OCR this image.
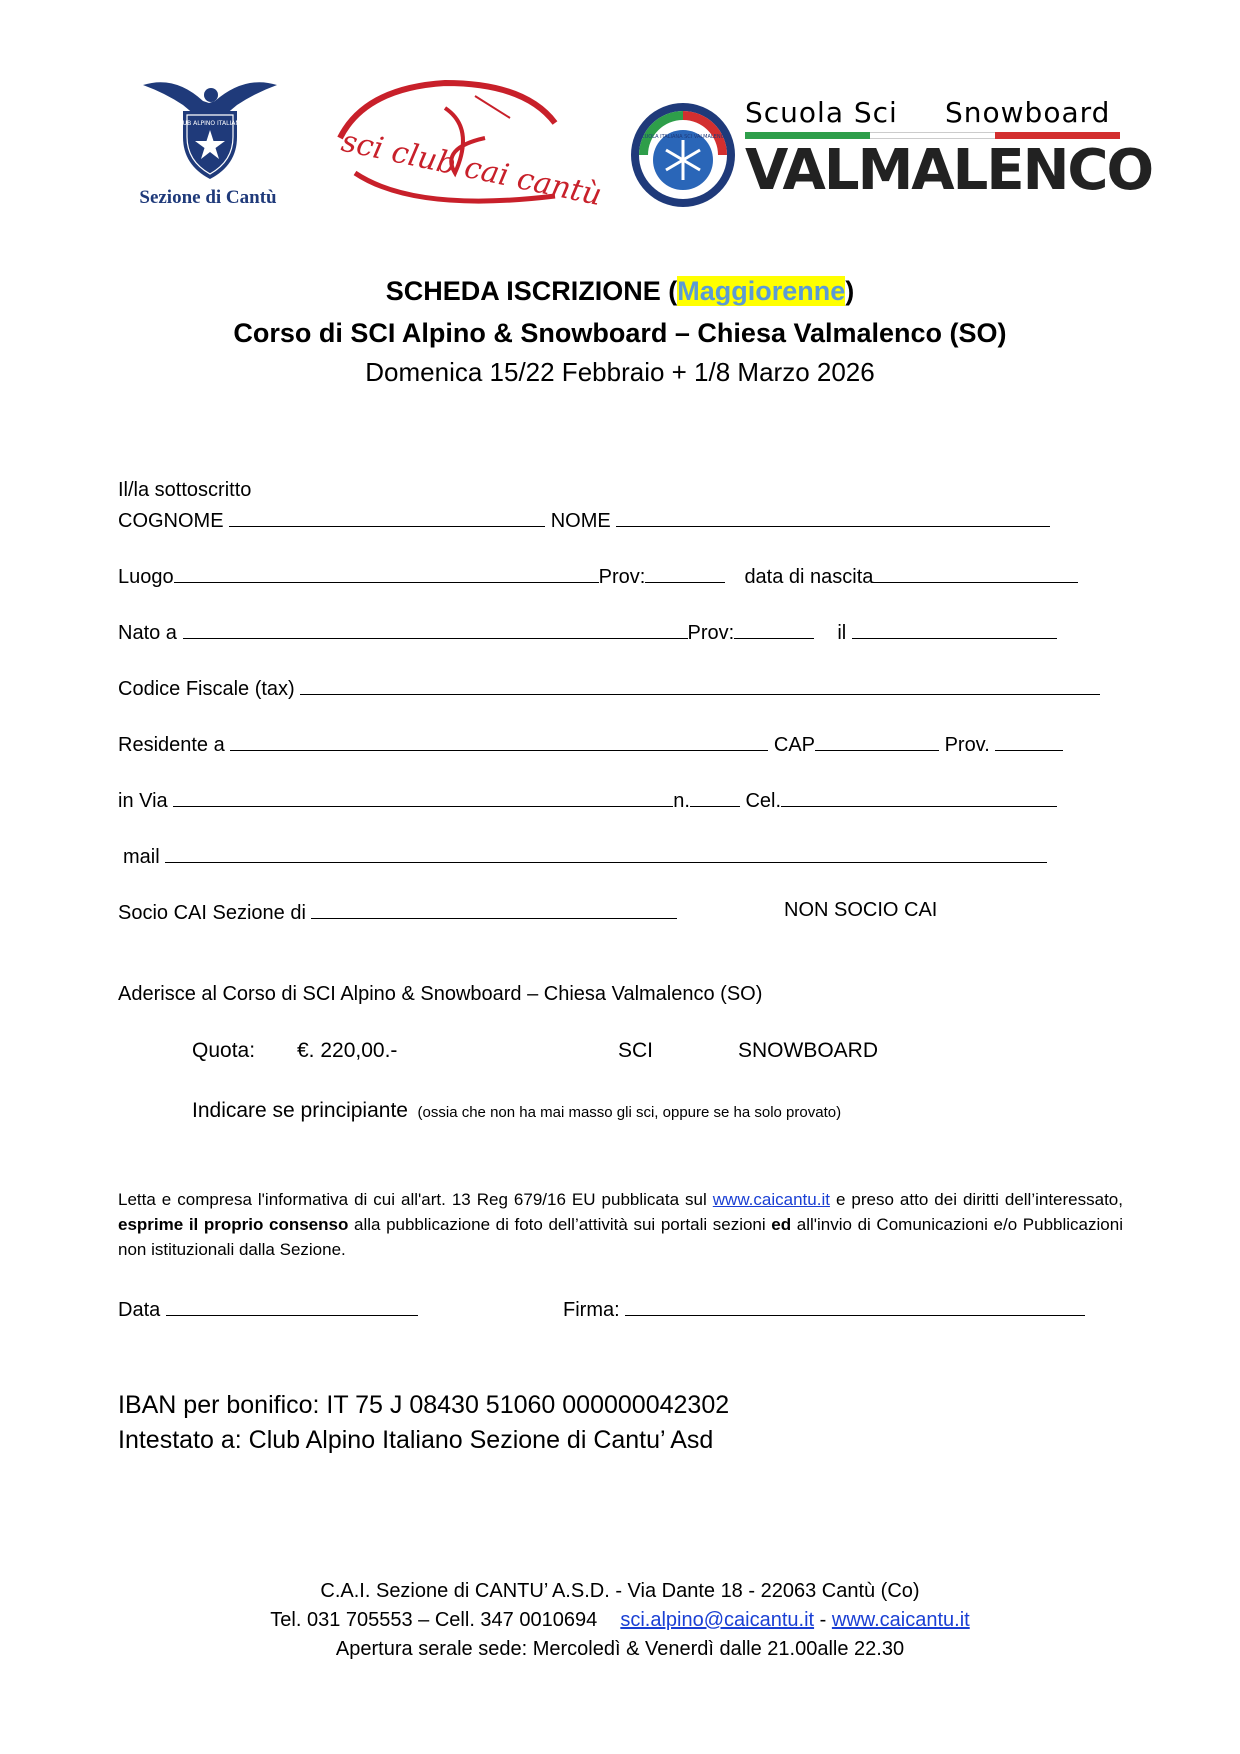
CLUB ALPINO ITALIANO
Sezione di Cantù	sci club cai cantù	SCUOLA ITALIANA SCI VALMALENCO
Scuola Sci Snowboard
VALMALENCO
SCHEDA ISCRIZIONE (Maggiorenne)
Corso di SCI Alpino & Snowboard – Chiesa Valmalenco (SO)
Domenica 15/22 Febbraio + 1/8 Marzo 2026
Il/la sottoscritto
COGNOME	NOME
Luogo	Prov:	data di nascita
Nato a	Prov:	il
Codice Fiscale (tax)
Residente a	CAP	Prov.
in Via	n.	Cel.
mail
Socio CAI Sezione di	NON SOCIO CAI
Aderisce al Corso di SCI Alpino & Snowboard – Chiesa Valmalenco (SO)
Quota: €. 220,00.-	SCI	SNOWBOARD
Indicare se principiante (ossia che non ha mai masso gli sci, oppure se ha solo provato)
Letta e compresa l'informativa di cui all'art. 13 Reg 679/16 EU pubblicata sul www.caicantu.it e preso atto dei diritti dell’interessato, esprime il proprio consenso alla pubblicazione di foto dell’attività sui portali sezioni ed all'invio di Comunicazioni e/o Pubblicazioni non istituzionali dalla Sezione.
Data	Firma:
IBAN per bonifico: IT 75 J 08430 51060 000000042302
Intestato a: Club Alpino Italiano Sezione di Cantu’ Asd
C.A.I. Sezione di CANTU’ A.S.D. - Via Dante 18 - 22063 Cantù (Co)
Tel. 031 705553 – Cell. 347 0010694 sci.alpino@caicantu.it - www.caicantu.it
Apertura serale sede: Mercoledì & Venerdì dalle 21.00alle 22.30
